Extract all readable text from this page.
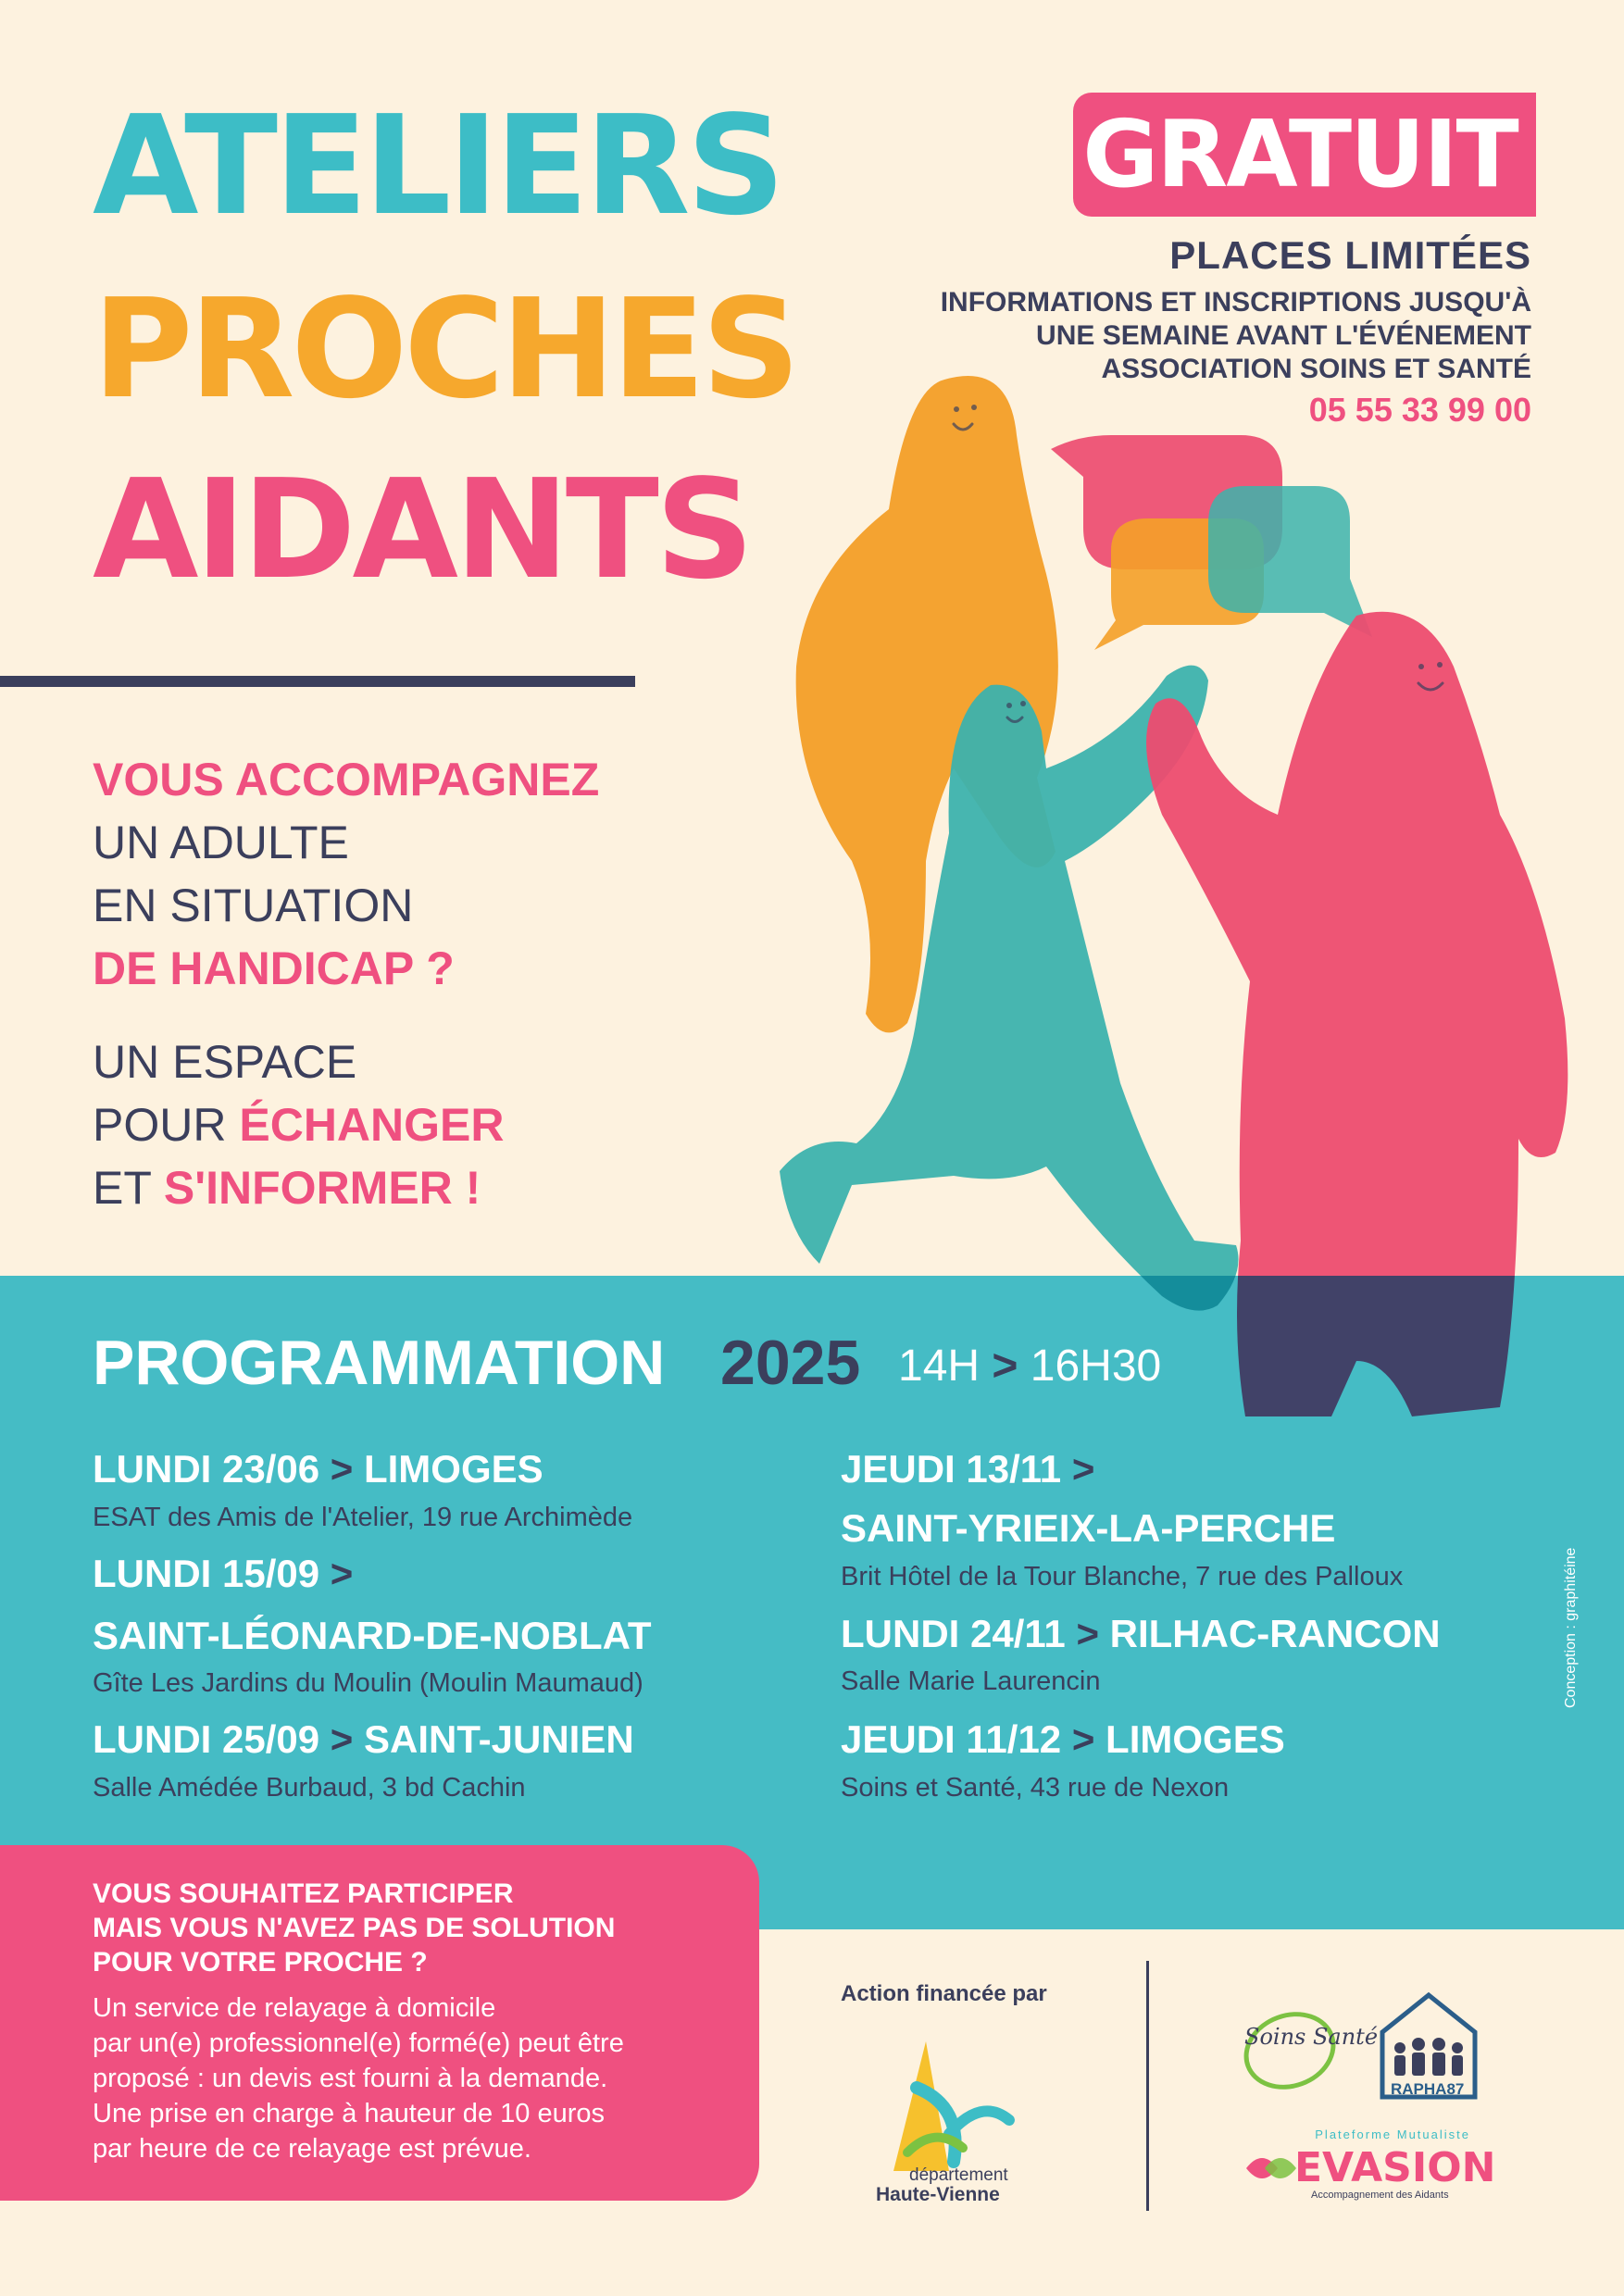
ATELIERS
PROCHES
AIDANTS
GRATUIT
PLACES LIMITÉES
INFORMATIONS ET INSCRIPTIONS JUSQU'À
UNE SEMAINE AVANT L'ÉVÉNEMENT
ASSOCIATION SOINS ET SANTÉ
05 55 33 99 00
VOUS ACCOMPAGNEZ
UN ADULTE
EN SITUATION
DE HANDICAP ?
UN ESPACE
POUR ÉCHANGER
ET S'INFORMER !
PROGRAMMATION 2025 14H > 16H30
LUNDI 23/06 > LIMOGES
ESAT des Amis de l'Atelier, 19 rue Archimède
LUNDI 15/09 >
SAINT-LÉONARD-DE-NOBLAT
Gîte Les Jardins du Moulin (Moulin Maumaud)
LUNDI 25/09 > SAINT-JUNIEN
Salle Amédée Burbaud, 3 bd Cachin
JEUDI 13/11 >
SAINT-YRIEIX-LA-PERCHE
Brit Hôtel de la Tour Blanche, 7 rue des Palloux
LUNDI 24/11 > RILHAC-RANCON
Salle Marie Laurencin
JEUDI 11/12 > LIMOGES
Soins et Santé, 43 rue de Nexon
Conception : graphitéine
VOUS SOUHAITEZ PARTICIPER
MAIS VOUS N'AVEZ PAS DE SOLUTION
POUR VOTRE PROCHE ?
Un service de relayage à domicile
par un(e) professionnel(e) formé(e) peut être
proposé : un devis est fourni à la demande.
Une prise en charge à hauteur de 10 euros
par heure de ce relayage est prévue.
Action financée par
département
Haute-Vienne
Soins Santé
RAPHA87
Plateforme Mutualiste
EVASION
Accompagnement des Aidants
